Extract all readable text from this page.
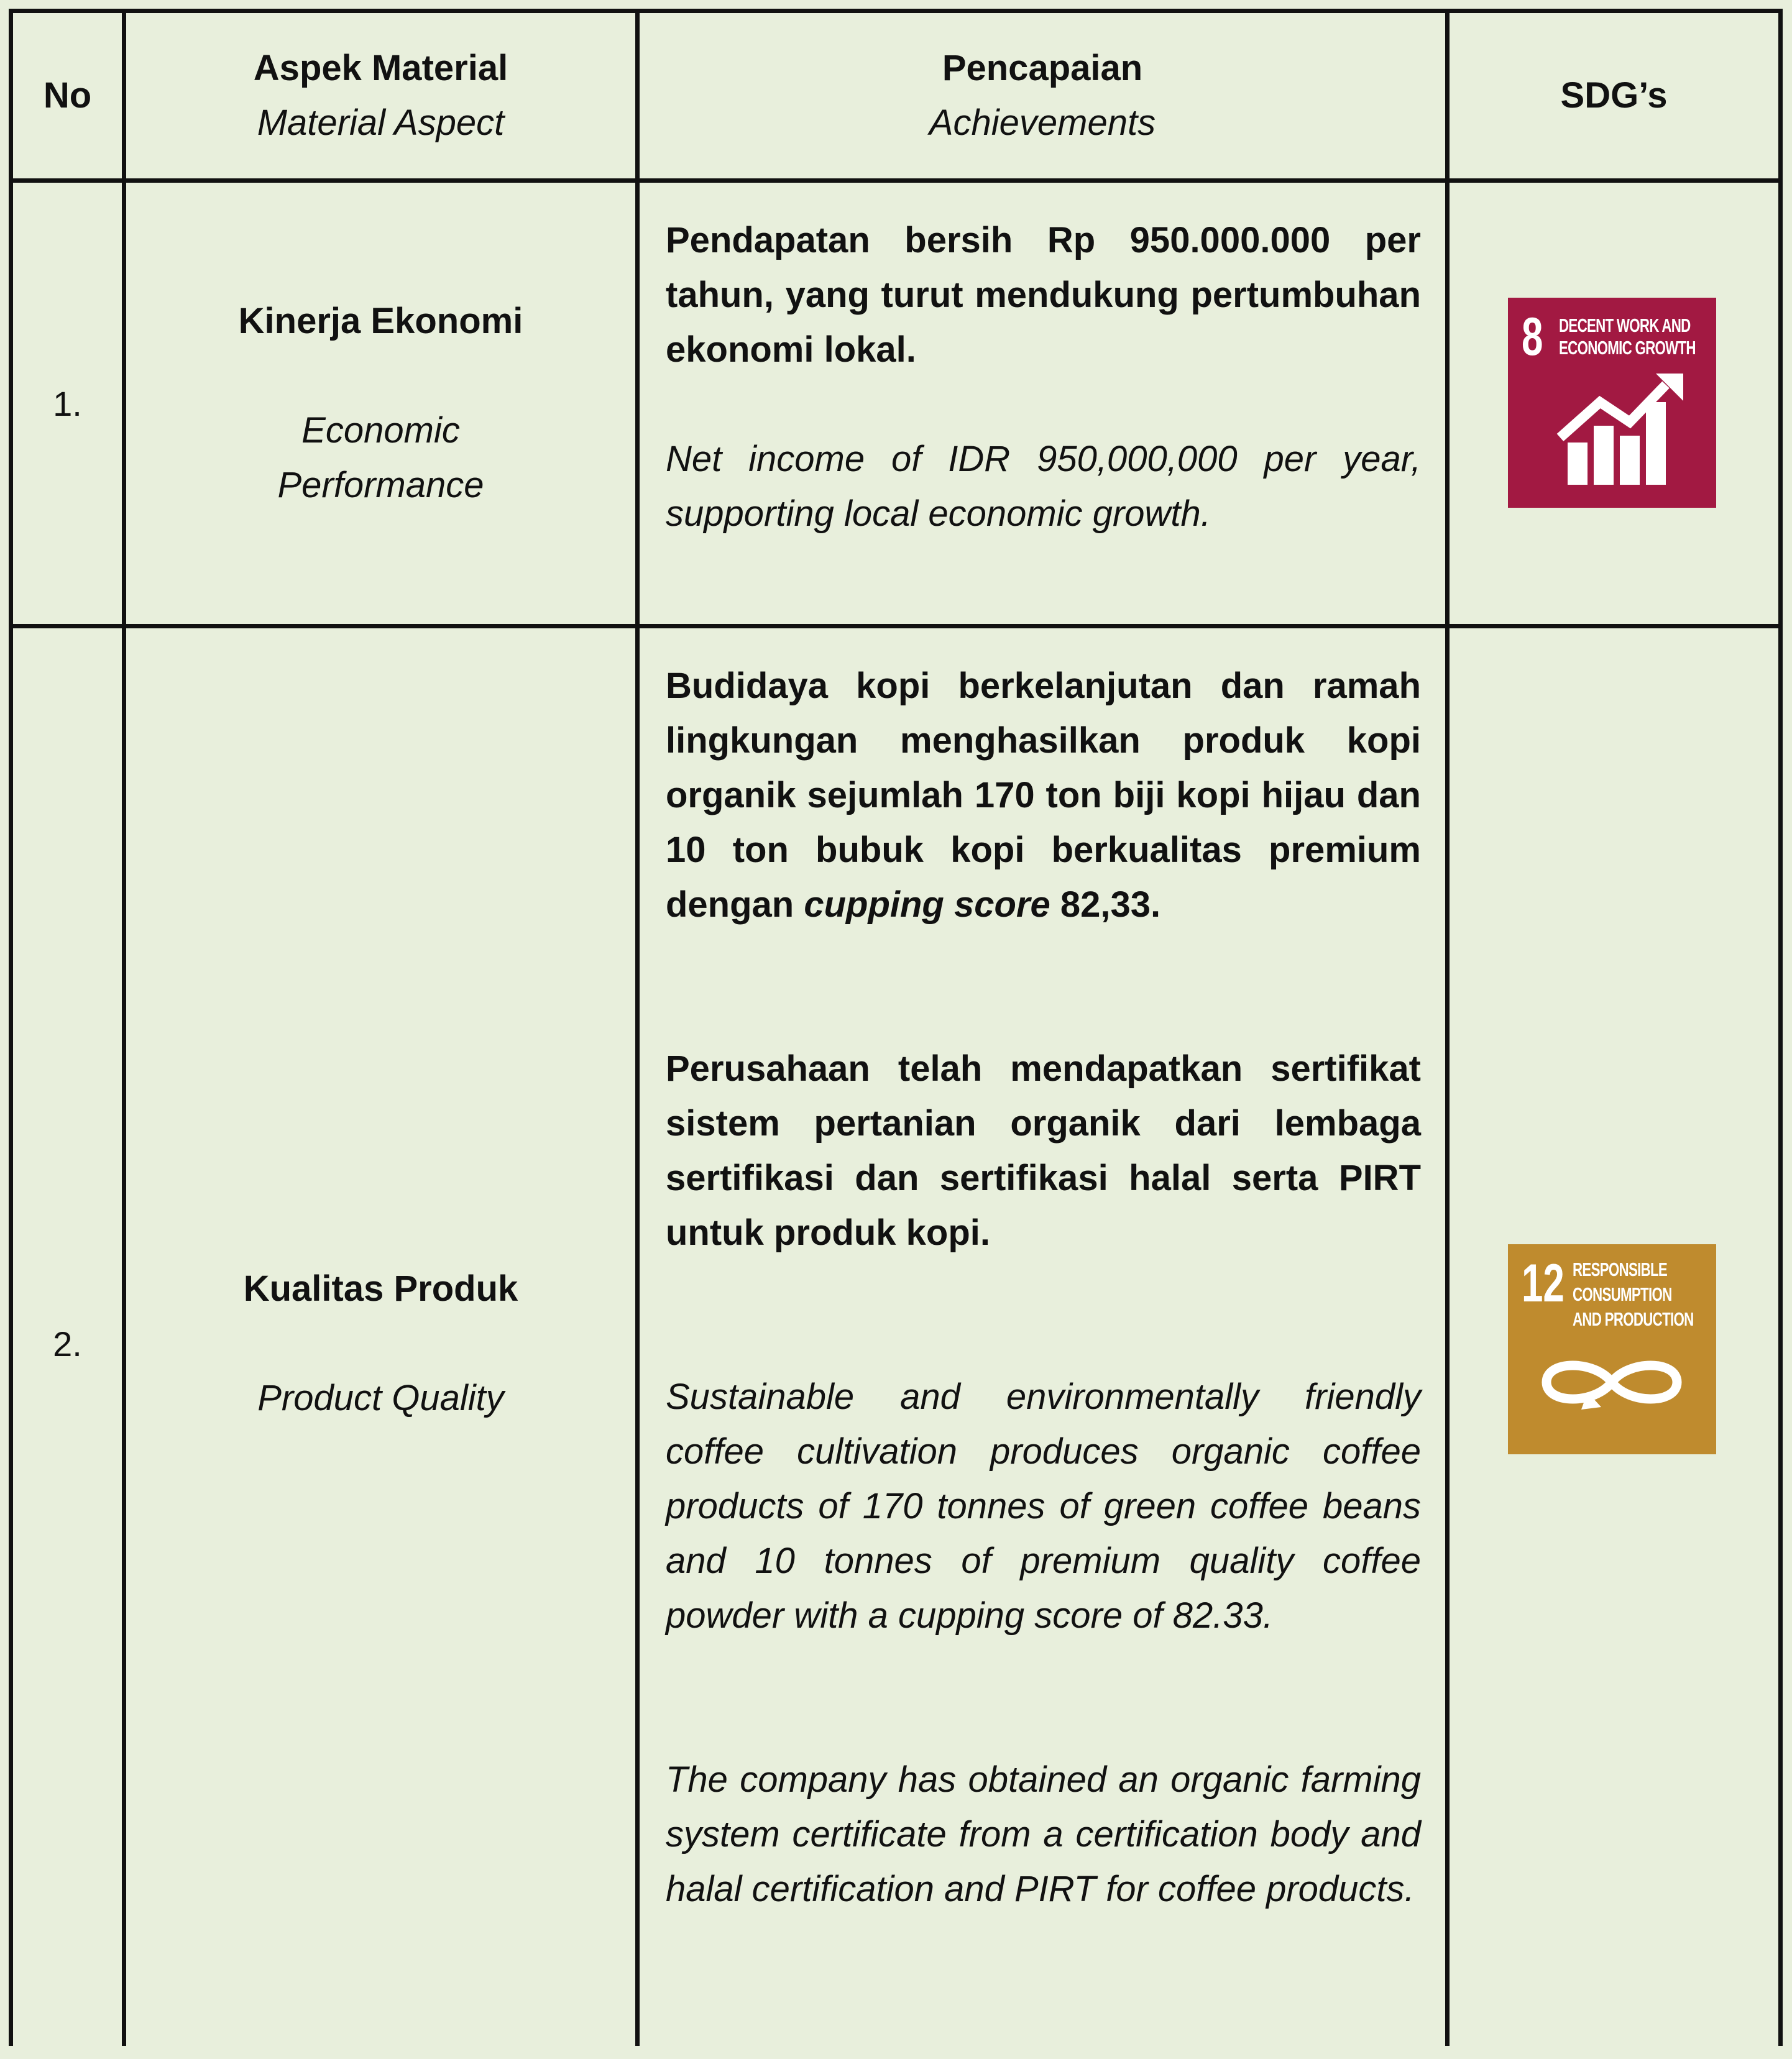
No
Aspek Material
Material Aspect
Pencapaian
Achievements
SDG’s
1.
Kinerja Ekonomi
Economic
Performance
Pendapatan bersih Rp 950.000.000 per tahun, yang turut mendukung pertumbuhan ekonomi lokal.
Net income of IDR 950,000,000 per year, supporting local economic growth.
8 DECENT WORK AND
ECONOMIC GROWTH
2.
Kualitas Produk
Product Quality
Budidaya kopi berkelanjutan dan ramah lingkungan menghasilkan produk kopi organik sejumlah 170 ton biji kopi hijau dan 10 ton bubuk kopi berkualitas premium dengan cupping score 82,33.
Perusahaan telah mendapatkan sertifikat sistem pertanian organik dari lembaga sertifikasi dan sertifikasi halal serta PIRT untuk produk kopi.
Sustainable and environmentally friendly coffee cultivation produces organic coffee products of 170 tonnes of green coffee beans and 10 tonnes of premium quality coffee powder with a cupping score of 82.33.
The company has obtained an organic farming system certificate from a certification body and halal certification and PIRT for coffee products.
12 RESPONSIBLE
CONSUMPTION
AND PRODUCTION
